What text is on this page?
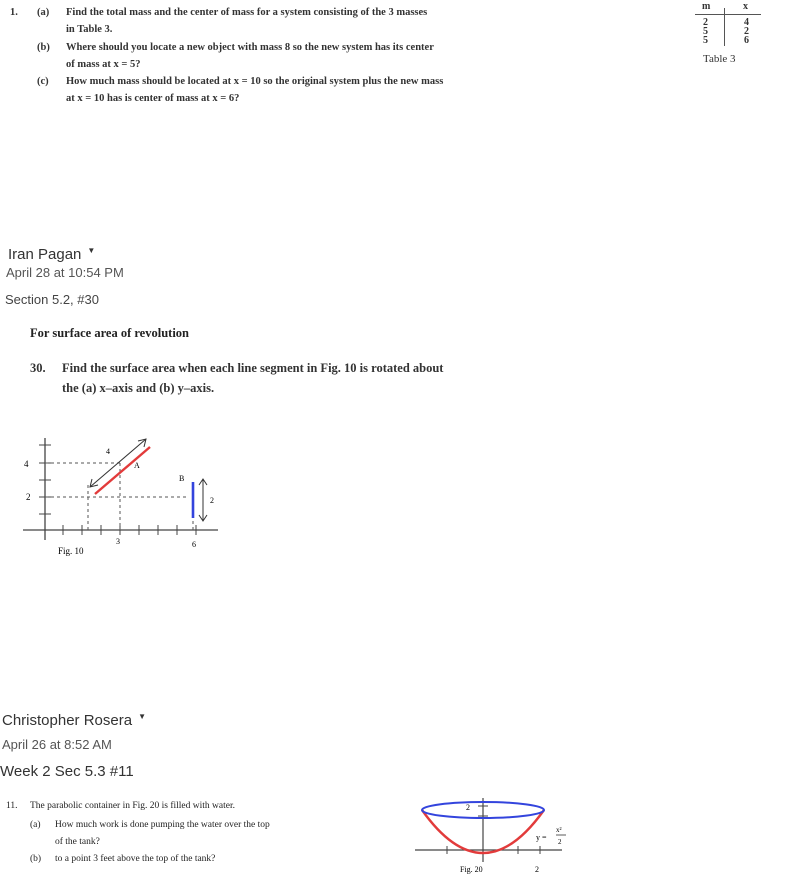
1. (a) Find the total mass and the center of mass for a system consisting of the 3 masses
in Table 3.
(b) Where should you locate a new object with mass 8 so the new system has its center
of mass at x = 5?
(c) How much mass should be located at x = 10 so the original system plus the new mass
at x = 10 has is center of mass at x = 6?
m	x
2	4
5	2
5	6
Table 3
Iran Pagan ▼
April 28 at 10:54 PM
Section 5.2, #30
For surface area of revolution
30. Find the surface area when each line segment in Fig. 10 is rotated about
the (a) x–axis and (b) y–axis.
4
2
3	6
A
B
4
2
Fig. 10
Christopher Rosera ▼
April 26 at 8:52 AM
Week 2 Sec 5.3 #11
11. The parabolic container in Fig. 20 is filled with water.
(a) How much work is done pumping the water over the top
of the tank?
(b) to a point 3 feet above the top of the tank?
2
2
y =
x²
2
Fig. 20
